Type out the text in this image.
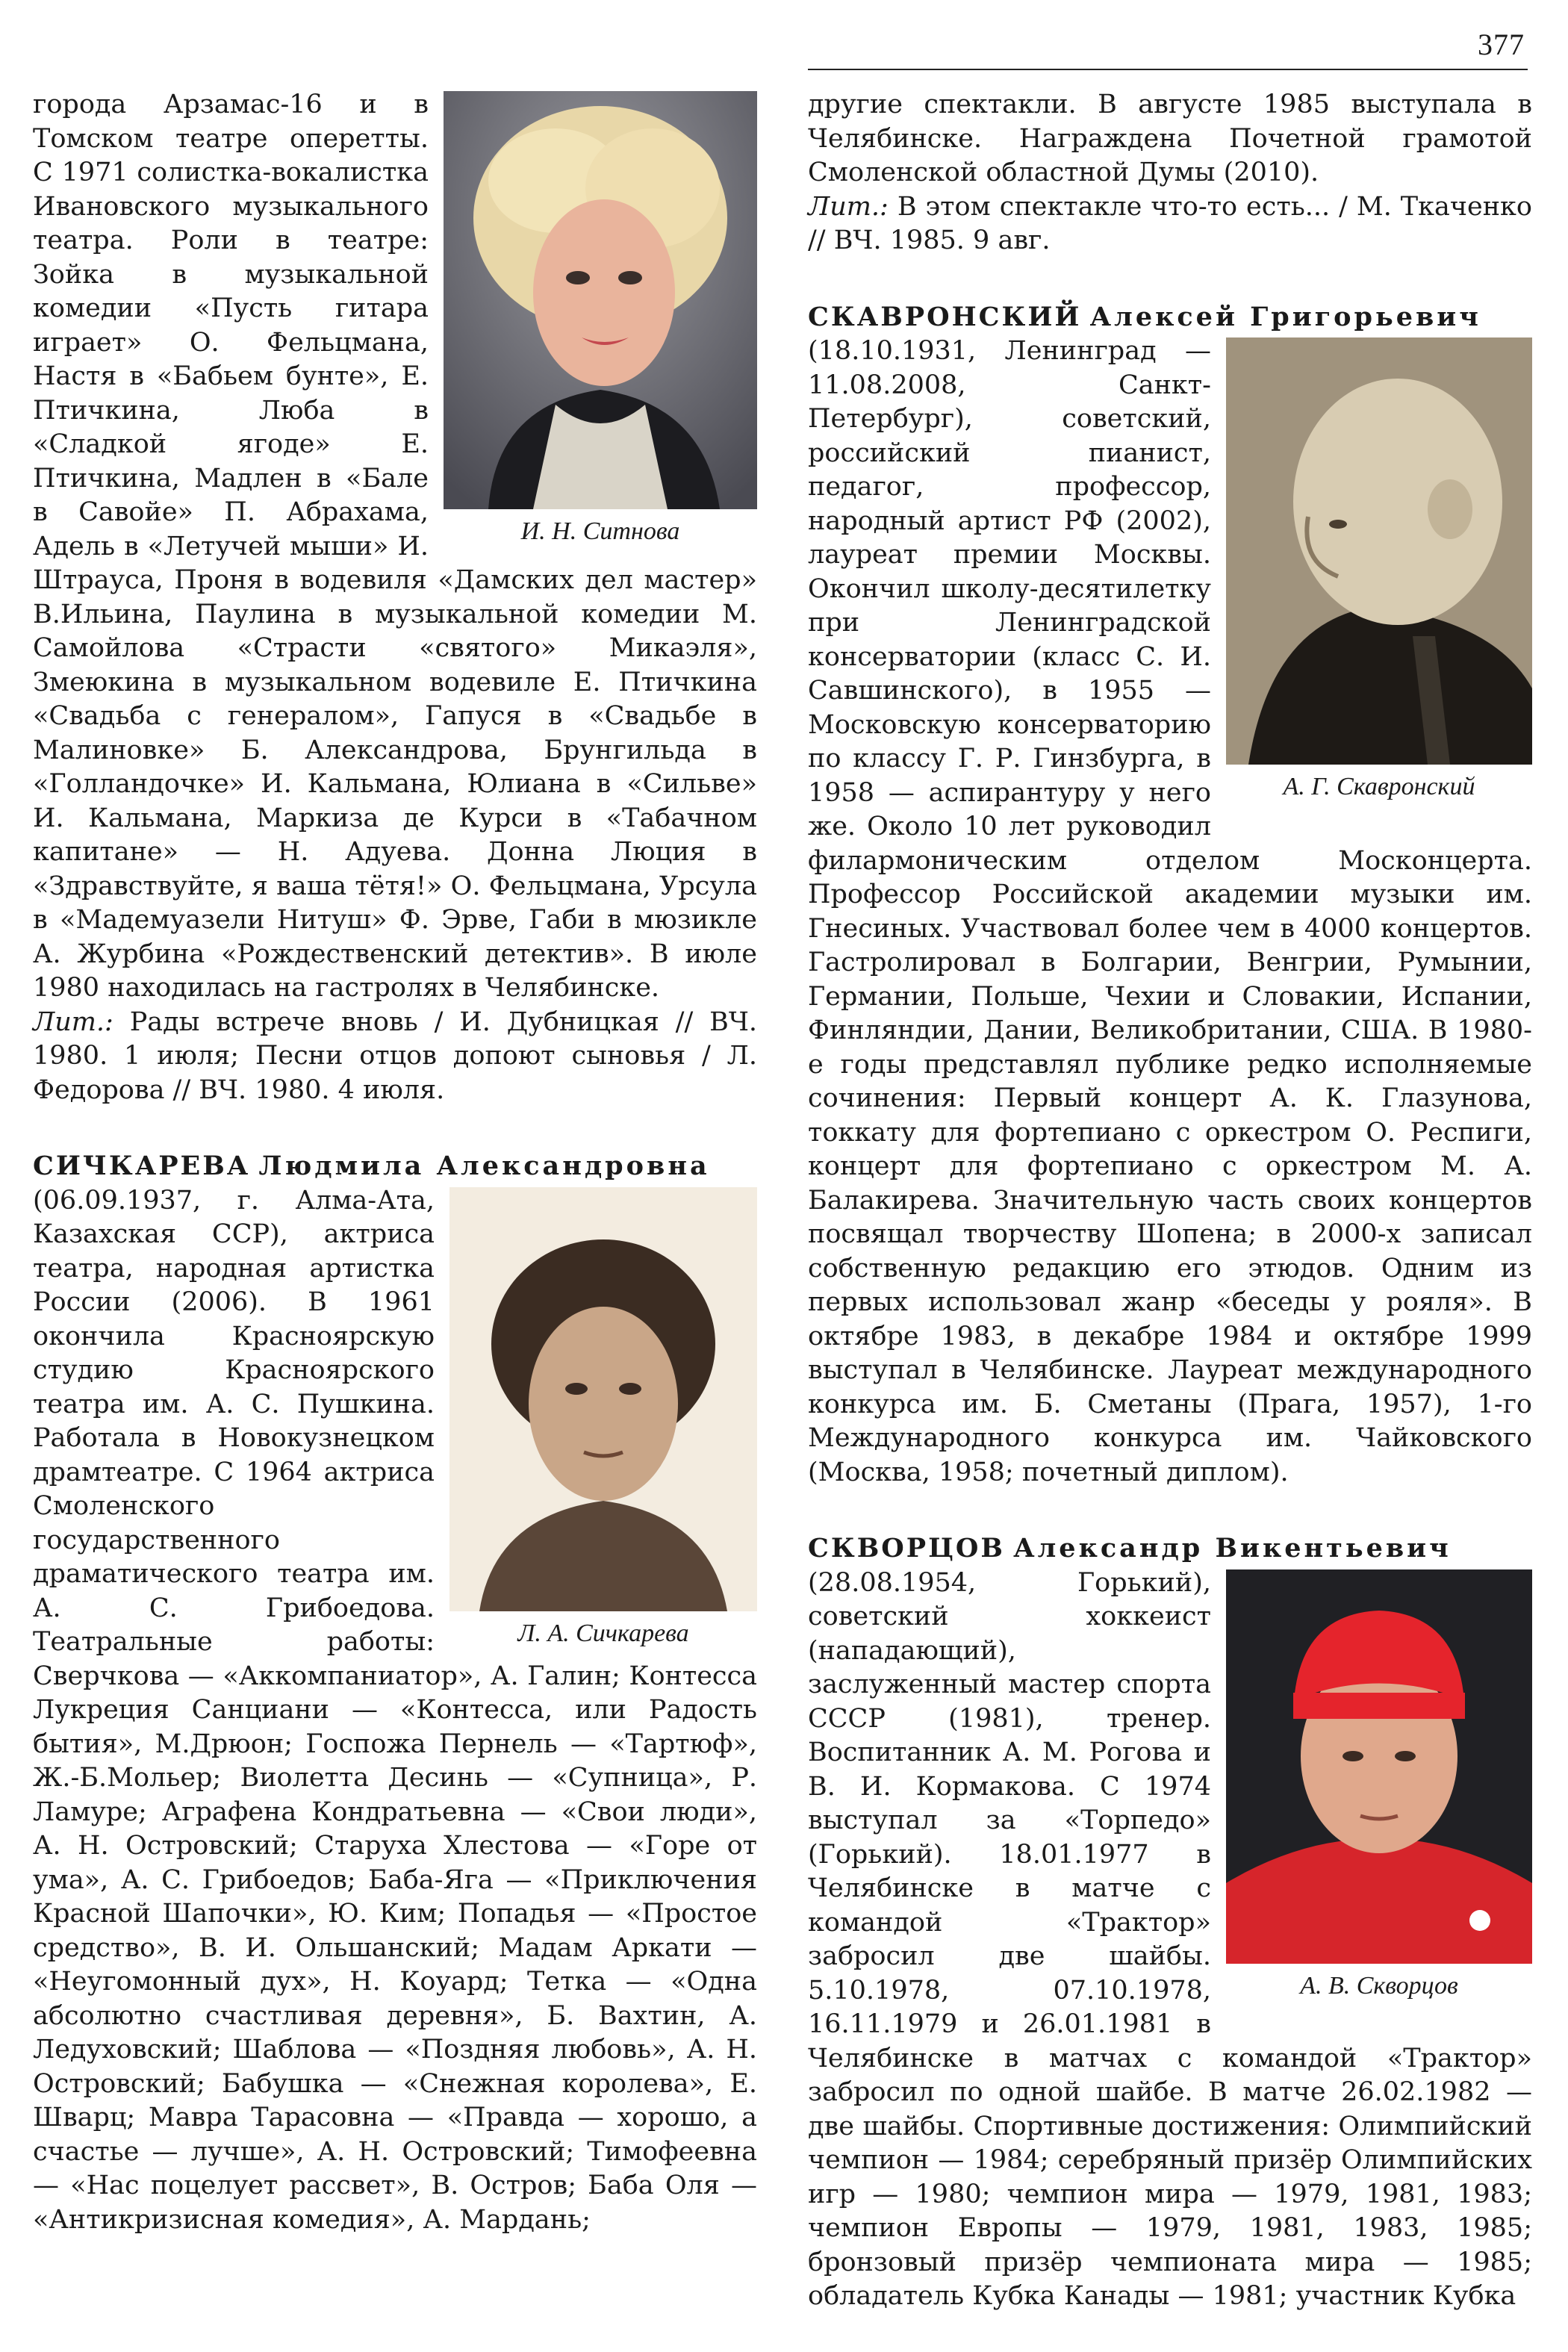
377
И. Н. Ситнова

города Арзамас-16 и в Томском театре оперетты. С 1971 солистка-вокалистка Ивановского музыкального театра. Роли в театре: Зойка в музыкальной комедии «Пусть гитара играет» О. Фельцмана, Настя в «Бабьем бунте», Е. Птичкина, Люба в «Сладкой ягоде» Е. Птичкина, Мадлен в «Бале в Савойе» П. Абрахама, Адель в «Летучей мыши» И. Штрауса, Проня в водевиля «Дамских дел мастер» В.Ильина, Паулина в музыкальной комедии М. Самойлова «Страсти «святого» Микаэля», Змеюкина в музыкальном водевиле Е. Птичкина «Свадьба с генералом», Гапуся в «Свадьбе в Малиновке» Б. Александрова, Брунгильда в «Голландочке» И. Кальмана, Юлиана в «Сильве» И. Кальмана, Маркиза де Курси в «Табачном капитане» — Н. Адуева. Донна Люция в «Здравствуйте, я ваша тётя!» О. Фельцмана, Урсула в «Мадемуазели Нитуш» Ф. Эрве, Габи в мюзикле А. Журбина «Рождественский детектив». В июле 1980 находилась на гастролях в Челябинске.

Лит.: Рады встрече вновь / И. Дубницкая // ВЧ. 1980. 1 июля; Песни отцов допоют сыновья / Л. Федорова // ВЧ. 1980. 4 июля.

СИЧКАРЕВА Людмила Александровна

Л. А. Сичкарева

(06.09.1937, г. Алма-Ата, Казахская ССР), актриса театра, народная артистка России (2006). В 1961 окончила Красноярскую студию Красноярского театра им. А. С. Пушкина. Работала в Новокузнецком драмтеатре. С 1964 актриса Смоленского государственного драматического театра им. А. С. Грибоедова. Театральные работы: Сверчкова — «Аккомпаниатор», А. Галин; Контесса Лукреция Санциани — «Контесса, или Радость бытия», М.Дрюон; Госпожа Пернель — «Тартюф», Ж.-Б.Мольер; Виолетта Десинь — «Супница», Р. Ламуре; Аграфена Кондратьевна — «Свои люди», А. Н. Островский; Старуха Хлестова — «Горе от ума», А. С. Грибоедов; Баба-Яга — «Приключения Красной Шапочки», Ю. Ким; Попадья — «Простое средство», В. И. Ольшанский; Мадам Аркати — «Неугомонный дух», Н. Коуард; Тетка — «Одна абсолютно счастливая деревня», Б. Вахтин, А. Ледуховский; Шаблова — «Поздняя любовь», А. Н. Островский; Бабушка — «Снежная королева», Е. Шварц; Мавра Тарасовна — «Правда — хорошо, а счастье — лучше», А. Н. Островский; Тимофеевна — «Нас поцелует рассвет», В. Остров; Баба Оля — «Антикризисная комедия», А. Мардань;

другие спектакли. В августе 1985 выступала в Челябинске. Награждена Почетной грамотой Смоленской областной Думы (2010).

Лит.: В этом спектакле что-то есть... / М. Ткаченко // ВЧ. 1985. 9 авг.

СКАВРОНСКИЙ Алексей Григорьевич

А. Г. Скавронский

(18.10.1931, Ленинград — 11.08.2008, Санкт-Петербург), советский, российский пианист, педагог, профессор, народный артист РФ (2002), лауреат премии Москвы. Окончил школу-десятилетку при Ленинградской консерватории (класс С. И. Савшинского), в 1955 — Московскую консерваторию по классу Г. Р. Гинзбурга, в 1958 — аспирантуру у него же. Около 10 лет руководил филармоническим отделом Москонцерта. Профессор Российской академии музыки им. Гнесиных. Участвовал более чем в 4000 концертов. Гастролировал в Болгарии, Венгрии, Румынии, Германии, Польше, Чехии и Словакии, Испании, Финляндии, Дании, Великобритании, США. В 1980-е годы представлял публике редко исполняемые сочинения: Первый концерт А. К. Глазунова, токкату для фортепиано с оркестром О. Респиги, концерт для фортепиано с оркестром М. А. Балакирева. Значительную часть своих концертов посвящал творчеству Шопена; в 2000-х записал собственную редакцию его этюдов. Одним из первых использовал жанр «беседы у рояля». В октябре 1983, в декабре 1984 и октябре 1999 выступал в Челябинске. Лауреат международного конкурса им. Б. Сметаны (Прага, 1957), 1-го Международного конкурса им. Чайковского (Москва, 1958; почетный диплом).

СКВОРЦОВ Александр Викентьевич

А. В. Скворцов

(28.08.1954, Горький), советский хоккеист (нападающий), заслуженный мастер спорта СССР (1981), тренер. Воспитанник А. М. Рогова и В. И. Кормакова. С 1974 выступал за «Торпедо» (Горький). 18.01.1977 в Челябинске в матче с командой «Трактор» забросил две шайбы. 5.10.1978, 07.10.1978, 16.11.1979 и 26.01.1981 в Челябинске в матчах с командой «Трактор» забросил по одной шайбе. В матче 26.02.1982 — две шайбы. Спортивные достижения: Олимпийский чемпион — 1984; серебряный призёр Олимпийских игр — 1980; чемпион мира — 1979, 1981, 1983; чемпион Европы — 1979, 1981, 1983, 1985; бронзовый призёр чемпионата мира — 1985; обладатель Кубка Канады — 1981; участник Кубка
